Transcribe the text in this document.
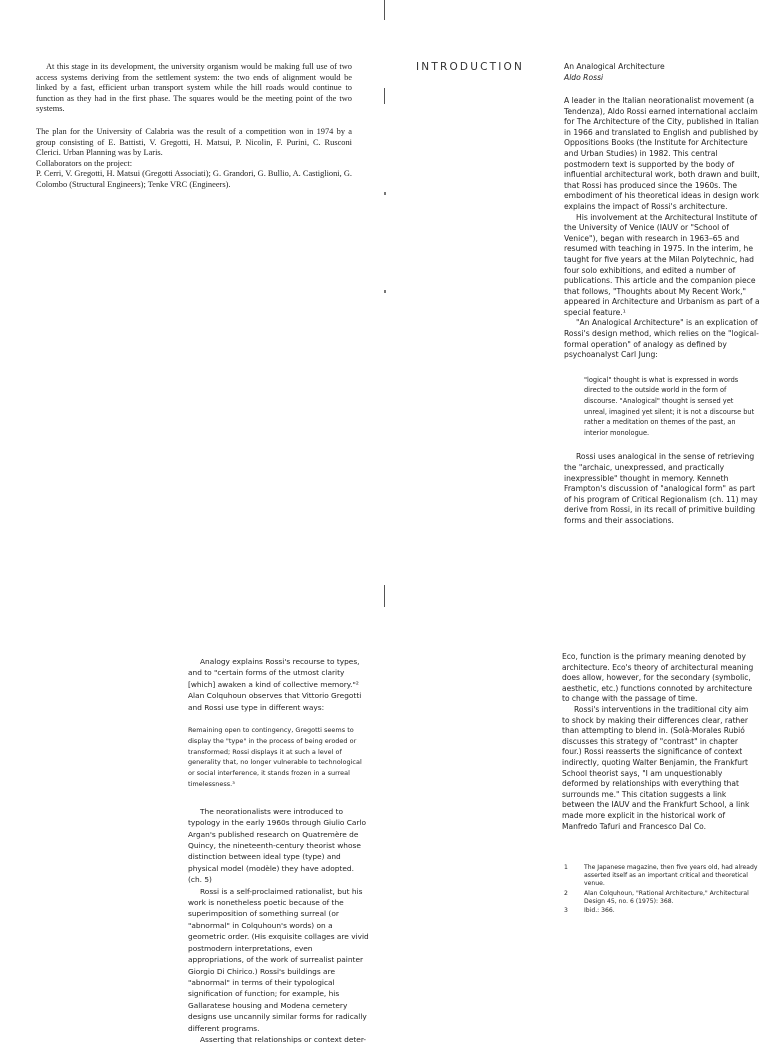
At this stage in its development, the university organism would be making full use of two access systems deriving from the settlement system: the two ends of alignment would be linked by a fast, efficient urban transport system while the hill roads would continue to function as they had in the first phase. The squares would be the meeting point of the two systems.

The plan for the University of Calabria was the result of a competition won in 1974 by a group consisting of E. Battisti, V. Gregotti, H. Matsui, P. Nicolin, F. Purini, C. Rusconi Clerici. Urban Planning was by Laris.

Collaborators on the project:

P. Cerri, V. Gregotti, H. Matsui (Gregotti Associati); G. Grandori, G. Bullio, A. Castiglioni, G. Colombo (Structural Engineers); Tenke VRC (Engineers).

INTRODUCTION	An Analogical Architecture
Aldo Rossi

A leader in the Italian neorationalist movement (a Tendenza), Aldo Rossi earned international acclaim for The Architecture of the City, published in Italian in 1966 and translated to English and published by Oppositions Books (the Institute for Architecture and Urban Studies) in 1982. This central postmodern text is supported by the body of influential architectural work, both drawn and built, that Rossi has produced since the 1960s. The embodiment of his theoretical ideas in design work explains the impact of Rossi's architecture.

His involvement at the Architectural Institute of the University of Venice (IAUV or "School of Venice"), began with research in 1963–65 and resumed with teaching in 1975. In the interim, he taught for five years at the Milan Polytechnic, had four solo exhibitions, and edited a number of publications. This article and the companion piece that follows, "Thoughts about My Recent Work," appeared in Architecture and Urbanism as part of a special feature.¹

"An Analogical Architecture" is an explication of Rossi's design method, which relies on the "logical-formal operation" of analogy as defined by psychoanalyst Carl Jung:

"logical" thought is what is expressed in words directed to the outside world in the form of discourse. "Analogical" thought is sensed yet unreal, imagined yet silent; it is not a discourse but rather a meditation on themes of the past, an interior monologue.

Rossi uses analogical in the sense of retrieving the "archaic, unexpressed, and practically inexpressible" thought in memory. Kenneth Frampton's discussion of "analogical form" as part of his program of Critical Regionalism (ch. 11) may derive from Rossi, in its recall of primitive building forms and their associations.

Analogy explains Rossi's recourse to types, and to "certain forms of the utmost clarity [which] awaken a kind of collective memory."² Alan Colquhoun observes that Vittorio Gregotti and Rossi use type in different ways:

Remaining open to contingency, Gregotti seems to display the "type" in the process of being eroded or transformed; Rossi displays it at such a level of generality that, no longer vulnerable to technological or social interference, it stands frozen in a surreal timelessness.³

The neorationalists were introduced to typology in the early 1960s through Giulio Carlo Argan's published research on Quatremère de Quincy, the nineteenth-century theorist whose distinction between ideal type (type) and physical model (modèle) they have adopted. (ch. 5)

Rossi is a self-proclaimed rationalist, but his work is nonetheless poetic because of the superimposition of something surreal (or "abnormal" in Colquhoun's words) on a geometric order. (His exquisite collages are vivid postmodern interpretations, even appropriations, of the work of surrealist painter Giorgio Di Chirico.) Rossi's buildings are "abnormal" in terms of their typological signification of function; for example, his Gallaratese housing and Modena cemetery designs use uncannily similar forms for radically different programs.

Asserting that relationships or context deter-

Eco, function is the primary meaning denoted by architecture. Eco's theory of architectural meaning does allow, however, for the secondary (symbolic, aesthetic, etc.) functions connoted by architecture to change with the passage of time.

Rossi's interventions in the traditional city aim to shock by making their differences clear, rather than attempting to blend in. (Solà-Morales Rubió discusses this strategy of "contrast" in chapter four.) Rossi reasserts the significance of context indirectly, quoting Walter Benjamin, the Frankfurt School theorist says, "I am unquestionably deformed by relationships with everything that surrounds me." This citation suggests a link between the IAUV and the Frankfurt School, a link made more explicit in the historical work of Manfredo Tafuri and Francesco Dal Co.

1	The Japanese magazine, then five years old, had already asserted itself as an important critical and theoretical venue.
2	Alan Colquhoun, "Rational Architecture," Architectural Design 45, no. 6 (1975): 368.
3	Ibid.: 366.
